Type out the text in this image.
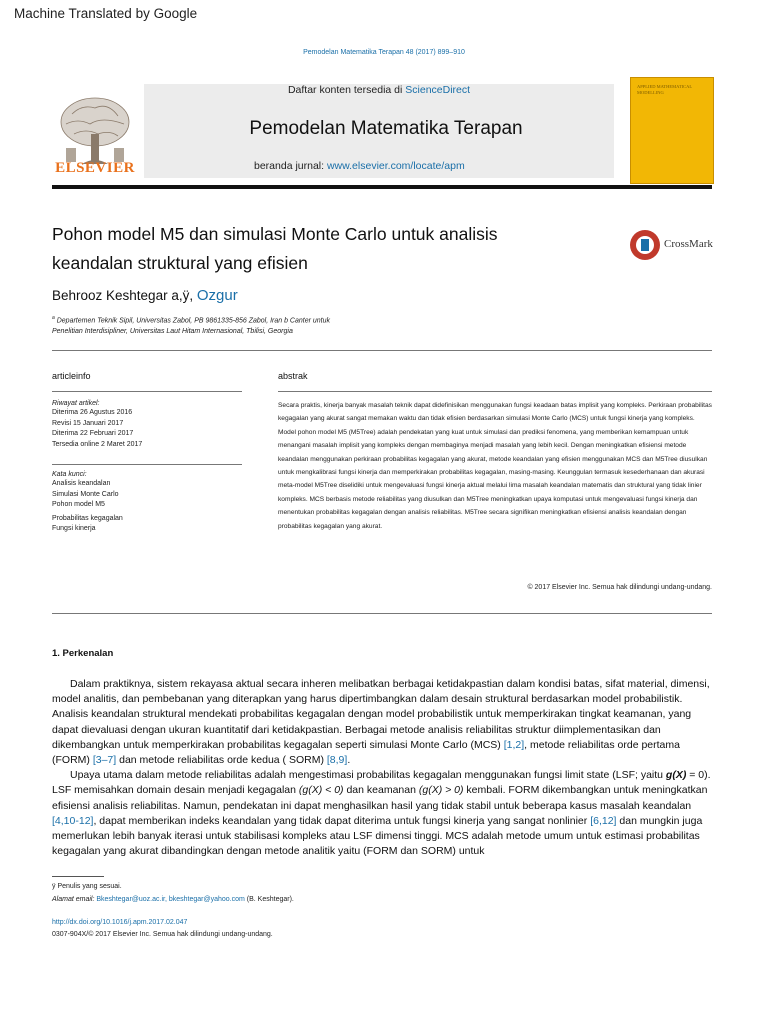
Machine Translated by Google
Pemodelan Matematika Terapan 48 (2017) 899–910
ELSEVIER
Daftar konten tersedia di ScienceDirect
Pemodelan Matematika Terapan
beranda jurnal: www.elsevier.com/locate/apm
APPLIED MATHEMATICAL MODELLING
Pohon model M5 dan simulasi Monte Carlo untuk analisis
keandalan struktural yang efisien
CrossMark
Behrooz Keshtegar a,ÿ, Ozgur
$^a$ Departemen Teknik Sipil, Universitas Zabol, PB 9861335-856 Zabol, Iran b Canter untuk
Penelitian Interdisipliner, Universitas Laut Hitam Internasional, Tbilisi, Georgia
articleinfo	abstrak
Riwayat artikel:
Diterima 26 Agustus 2016
Revisi 15 Januari 2017
Diterima 22 Februari 2017
Tersedia online 2 Maret 2017
Kata kunci:
Analisis keandalan
Simulasi Monte Carlo
Pohon model M5
Probabilitas kegagalan
Fungsi kinerja
Secara praktis, kinerja banyak masalah teknik dapat didefinisikan menggunakan fungsi keadaan batas implisit yang kompleks. Perkiraan probabilitas kegagalan yang akurat sangat memakan waktu dan tidak efisien berdasarkan simulasi Monte Carlo (MCS) untuk fungsi kinerja yang kompleks. Model pohon model M5 (M5Tree) adalah pendekatan yang kuat untuk simulasi dan prediksi fenomena, yang memberikan kemampuan untuk menangani masalah implisit yang kompleks dengan membaginya menjadi masalah yang lebih kecil. Dengan meningkatkan efisiensi metode keandalan menggunakan perkiraan probabilitas kegagalan yang akurat, metode keandalan yang efisien menggunakan MCS dan M5Tree diusulkan untuk mengkalibrasi fungsi kinerja dan memperkirakan probabilitas kegagalan, masing-masing. Keunggulan termasuk kesederhanaan dan akurasi meta-model M5Tree diselidiki untuk mengevaluasi fungsi kinerja aktual melalui lima masalah keandalan matematis dan struktural yang tidak linier kompleks. MCS berbasis metode reliabilitas yang diusulkan dan M5Tree meningkatkan upaya komputasi untuk mengevaluasi fungsi kinerja dan menentukan probabilitas kegagalan dengan analisis reliabilitas. M5Tree secara signifikan meningkatkan efisiensi analisis keandalan dengan probabilitas kegagalan yang akurat.
© 2017 Elsevier Inc. Semua hak dilindungi undang-undang.
1. Perkenalan

Dalam praktiknya, sistem rekayasa aktual secara inheren melibatkan berbagai ketidakpastian dalam kondisi batas, sifat material, dimensi, model analitis, dan pembebanan yang diterapkan yang harus dipertimbangkan dalam desain struktural berdasarkan model probabilistik. Analisis keandalan struktural mendekati probabilitas kegagalan dengan model probabilistik untuk memperkirakan tingkat keamanan, yang dapat dievaluasi dengan ukuran kuantitatif dari ketidakpastian. Berbagai metode analisis reliabilitas struktur diimplementasikan dan dikembangkan untuk memperkirakan probabilitas kegagalan seperti simulasi Monte Carlo (MCS) [1,2], metode reliabilitas orde pertama (FORM) [3–7] dan metode reliabilitas orde kedua ( SORM) [8,9].

Upaya utama dalam metode reliabilitas adalah mengestimasi probabilitas kegagalan menggunakan fungsi limit state (LSF; yaitu g(X) = 0). LSF memisahkan domain desain menjadi kegagalan (g(X) < 0) dan keamanan (g(X) > 0) kembali. FORM dikembangkan untuk meningkatkan efisiensi analisis reliabilitas. Namun, pendekatan ini dapat menghasilkan hasil yang tidak stabil untuk beberapa kasus masalah keandalan [4,10-12], dapat memberikan indeks keandalan yang tidak dapat diterima untuk fungsi kinerja yang sangat nonlinier [6,12] dan mungkin juga memerlukan lebih banyak iterasi untuk stabilisasi kompleks atau LSF dimensi tinggi. MCS adalah metode umum untuk estimasi probabilitas kegagalan yang akurat dibandingkan dengan metode analitik yaitu (FORM dan SORM) untuk

ÿ Penulis yang sesuai.
Alamat email: Bkeshtegar@uoz.ac.ir, bkeshtegar@yahoo.com (B. Keshtegar).
http://dx.doi.org/10.1016/j.apm.2017.02.047
0307-904X/© 2017 Elsevier Inc. Semua hak dilindungi undang-undang.
